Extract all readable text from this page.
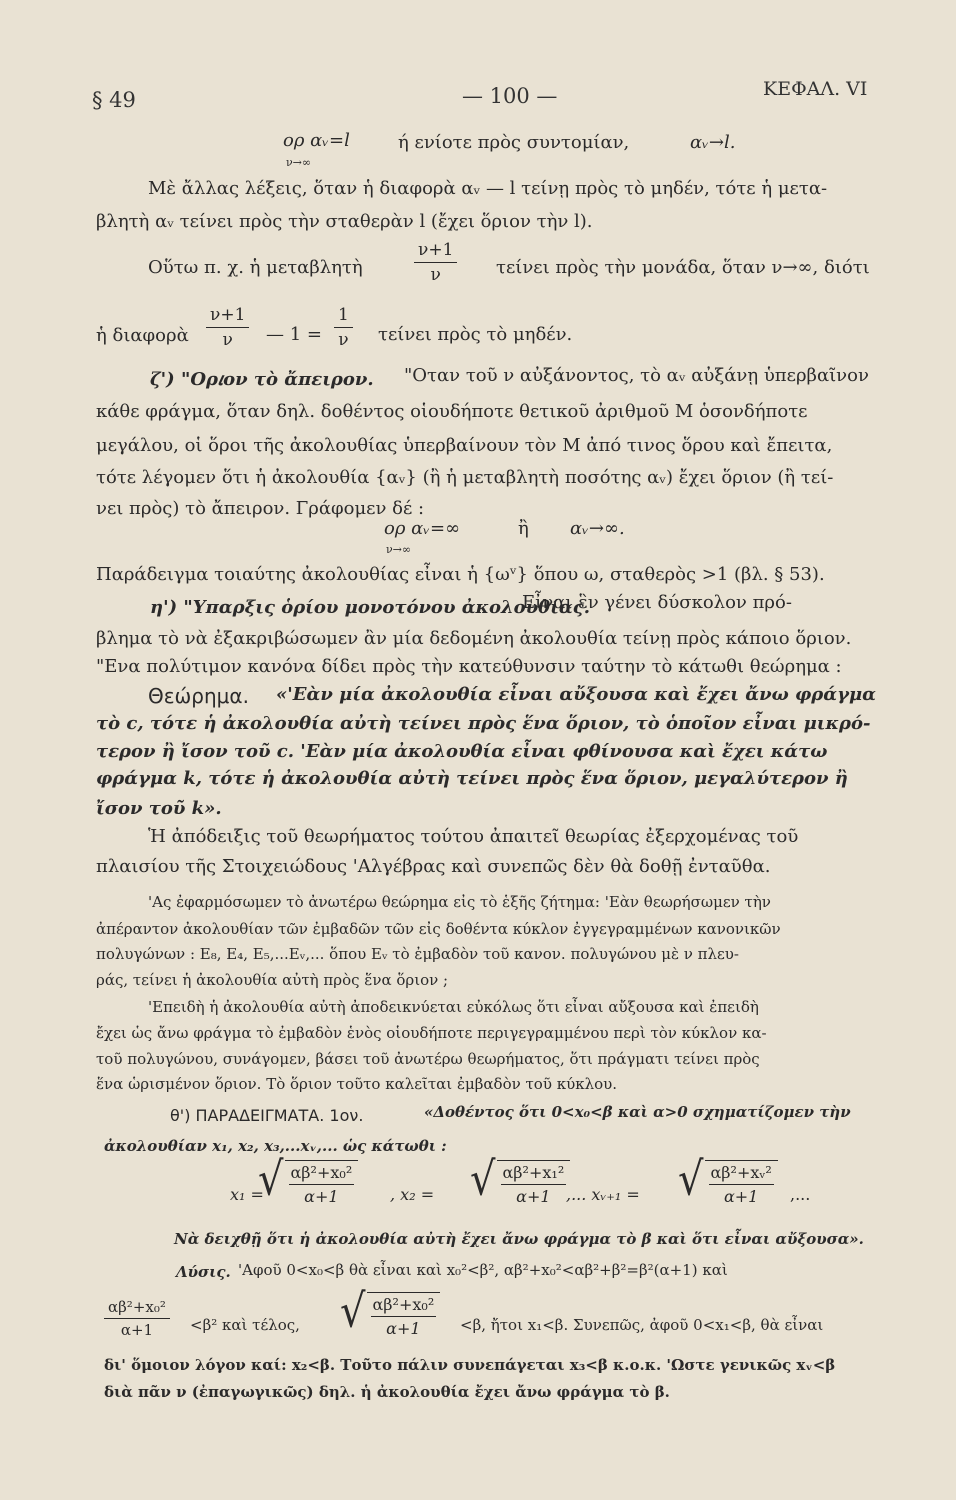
§ 49	— 100 —	ΚΕΦΑΛ. VI
ορ αᵥ=l
ν→∞
ή ενίοτε πρὸς συντομίαν,	αᵥ→l.
Μὲ ἄλλας λέξεις, ὅταν ἡ διαφορὰ αᵥ — l τείνῃ πρὸς τὸ μηδέν, τότε ἡ μετα-
βλητὴ αᵥ τείνει πρὸς τὴν σταθερὰν l (ἔχει ὅριον τὴν l).
Οὕτω π. χ. ἡ μεταβλητὴ	$\frac{\nu+1}{\nu}$ τείνει πρὸς τὴν μονάδα, ὅταν ν→∞, διότι
ἡ διαφορὰ $\frac{\nu+1}{\nu}$ — $1 = \frac{1}{\nu}$ τείνει πρὸς τὸ μηδέν.
ζ') "Ορ𝜄ον τὸ ἄπειρον. "Οταν τοῦ ν αὐξάνοντος, τὸ αᵥ αὐξάνῃ ὑπερβαῖνον
κάθε φράγμα, ὅταν δηλ. δοθέντος οἱουδήποτε θετικοῦ ἀριθμοῦ Μ ὁσονδήποτε
μεγάλου, οἱ ὅροι τῆς ἀκολουθίας ὑπερβαίνουν τὸν Μ ἀπό τινος ὅρου καὶ ἔπειτα,
τότε λέγομεν ὅτι ἡ ἀκολουθία {αᵥ} (ἢ ἡ μεταβλητὴ ποσότης αᵥ) ἔχει ὅριον (ἢ τεί-
νει πρὸς) τὸ ἄπειρον. Γράφομεν δέ :
ορ αᵥ=∞
ν→∞
ἢ αᵥ→∞.
Παράδειγμα τοιαύτης ἀκολουθίας εἶναι ἡ {ωᵛ} ὅπου ω, σταθερὸς >1 (βλ. § 53).
η') "Υπαρξις ὁρίου μονοτόνου ἀκολουθίας.
Εἶναι ἓν γένει δύσκολον πρό-
βλημα τὸ νὰ ἐξακριβώσωμεν ἂν μία δεδομένη ἀκολουθία τείνῃ πρὸς κάποιο ὅριον.
"Ενα πολύτιμον κανόνα δίδει πρὸς τὴν κατεύθυνσιν ταύτην τὸ κάτωθι θεώρημα :
Θεώρημα. «'Εὰν μία ἀκολουθία εἶναι αὔξουσα καὶ ἔχει ἄνω φράγμα
τὸ c, τότε ἡ ἀκολουθία αὐτὴ τείνει πρὸς ἕνα ὅριον, τὸ ὁποῖον εἶναι μικρό-
τερον ἢ ἴσον τοῦ c. 'Εὰν μία ἀκολουθία εἶναι φθίνουσα καὶ ἔχει κάτω
φράγμα k, τότε ἡ ἀκολουθία αὐτὴ τείνει πρὸς ἕνα ὅριον, μεγαλύτερον ἢ
ἴσον τοῦ k».
Ἡ ἀπόδειξις τοῦ θεωρήματος τούτου ἀπαιτεῖ θεωρίας ἐξερχομένας τοῦ
πλαισίου τῆς Στοιχειώδους 'Αλγέβρας καὶ συνεπῶς δὲν θὰ δοθῇ ἐνταῦθα.
'Ας ἐφαρμόσωμεν τὸ ἀνωτέρω θεώρημα εἰς τὸ ἑξῆς ζήτημα: 'Εὰν θεωρήσωμεν τὴν
ἀπέραντον ἀκολουθίαν τῶν ἐμβαδῶν τῶν εἰς δοθέντα κύκλον ἐγγεγραμμένων κανονικῶν
πολυγώνων : E₈, E₄, E₅,...Eᵥ,... ὅπου Eᵥ τὸ ἐμβαδὸν τοῦ κανον. πολυγώνου μὲ ν πλευ-
ράς, τείνει ἡ ἀκολουθία αὐτὴ πρὸς ἕνα ὅριον ;
'Επειδὴ ἡ ἀκολουθία αὐτὴ ἀποδεικνύεται εὐκόλως ὅτι εἶναι αὔξουσα καὶ ἐπειδὴ
ἔχει ὡς ἄνω φράγμα τὸ ἐμβαδὸν ἑνὸς οἱουδήποτε περιγεγραμμένου περὶ τὸν κύκλον κα-
τοῦ πολυγώνου, συνάγομεν, βάσει τοῦ ἀνωτέρω θεωρήματος, ὅτι πράγματι τείνει πρὸς
ἕνα ὡρισμένον ὅριον. Τὸ ὅριον τοῦτο καλεῖται ἐμβαδὸν τοῦ κύκλου.
θ') ΠΑΡΑΔΕΙΓΜΑΤΑ. 1ον.	«Δοθέντος ὅτι 0<x₀<β καὶ α>0 σχηματίζομεν τὴν
ἀκολουθίαν x₁, x₂, x₃,...xᵥ,... ὡς κάτωθι :
x₁ =
√ $\frac{\text{αβ²+x₀²}}{\alpha+1}$ , x₂ = √ $\frac{\text{αβ²+x₁²}}{\alpha+1}$
,... xᵥ₊₁ = √ $\frac{\text{αβ²+xᵥ²}}{\alpha+1}$ ,...
Νὰ δειχθῇ ὅτι ἡ ἀκολουθία αὐτὴ ἔχει ἄνω φράγμα τὸ β καὶ ὅτι εἶναι αὔξουσα».
Λύσις. 'Αφοῦ 0<x₀<β θὰ εἶναι καὶ x₀²<β², αβ²+x₀²<αβ²+β²=β²(α+1) καὶ
$\frac{\text{αβ²+x₀²}}{\alpha+1} <\beta^2$ καὶ τέλος, √ $\frac{\text{αβ²+x₀²}}{\alpha+1} <\beta$, ἤτοι x₁<β. Συνεπῶς, ἀφοῦ 0<x₁<β, θὰ εἶναι
δι' ὅμοιον λόγον καί: x₂<β. Τοῦτο πάλιν συνεπάγεται x₃<β κ.ο.κ. 'Ωστε γενικῶς xᵥ<β
διὰ πᾶν ν (ἐπαγωγικῶς) δηλ. ἡ ἀκολουθία ἔχει ἄνω φράγμα τὸ β.
